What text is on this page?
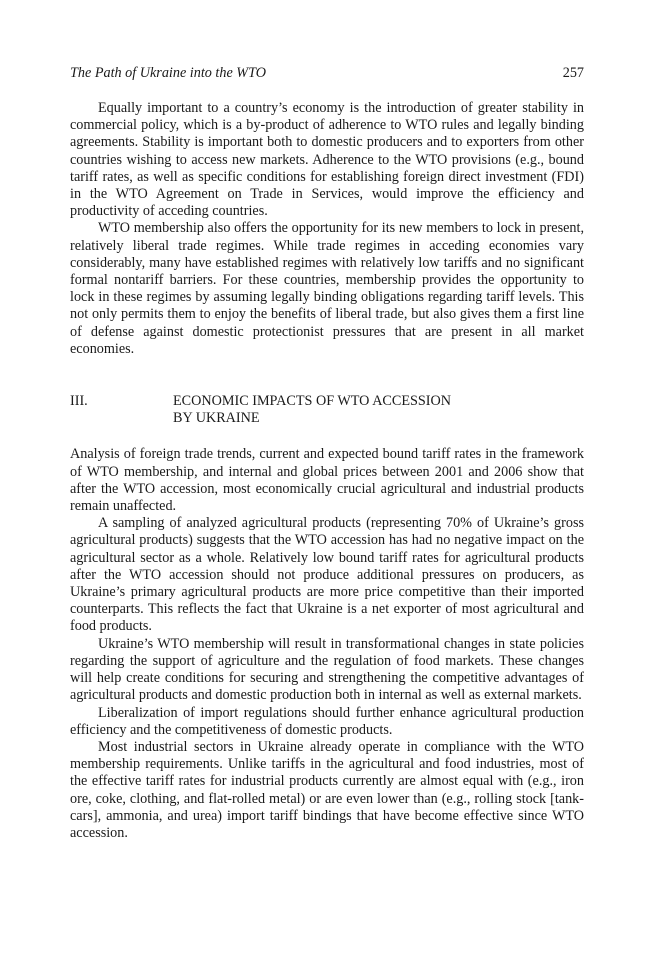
The Path of Ukraine into the WTO	257

Equally important to a country’s economy is the introduction of greater stability in commercial policy, which is a by-product of adherence to WTO rules and legally binding agreements. Stability is important both to domestic producers and to exporters from other countries wishing to access new markets. Adherence to the WTO provisions (e.g., bound tariff rates, as well as specific conditions for establishing foreign direct investment (FDI) in the WTO Agreement on Trade in Services, would improve the efficiency and productivity of acceding countries.

WTO membership also offers the opportunity for its new members to lock in present, relatively liberal trade regimes. While trade regimes in acceding economies vary considerably, many have established regimes with relatively low tariffs and no significant formal nontariff barriers. For these countries, membership provides the opportunity to lock in these regimes by assuming legally binding obligations regarding tariff levels. This not only permits them to enjoy the benefits of liberal trade, but also gives them a first line of defense against domestic protectionist pressures that are present in all market economies.

III.	ECONOMIC IMPACTS OF WTO ACCESSION
BY UKRAINE

Analysis of foreign trade trends, current and expected bound tariff rates in the framework of WTO membership, and internal and global prices between 2001 and 2006 show that after the WTO accession, most economically crucial agricultural and industrial products remain unaffected.

A sampling of analyzed agricultural products (representing 70% of Ukraine’s gross agricultural products) suggests that the WTO accession has had no negative impact on the agricultural sector as a whole. Relatively low bound tariff rates for agricultural products after the WTO accession should not produce additional pressures on producers, as Ukraine’s primary agricultural products are more price competitive than their imported counterparts. This reflects the fact that Ukraine is a net exporter of most agricultural and food products.

Ukraine’s WTO membership will result in transformational changes in state policies regarding the support of agriculture and the regulation of food markets. These changes will help create conditions for securing and strengthening the competitive advantages of agricultural products and domestic production both in internal as well as external markets.

Liberalization of import regulations should further enhance agricultural production efficiency and the competitiveness of domestic products.

Most industrial sectors in Ukraine already operate in compliance with the WTO membership requirements. Unlike tariffs in the agricultural and food industries, most of the effective tariff rates for industrial products currently are almost equal with (e.g., iron ore, coke, clothing, and flat-rolled metal) or are even lower than (e.g., rolling stock [tank-cars], ammonia, and urea) import tariff bindings that have become effective since WTO accession.
